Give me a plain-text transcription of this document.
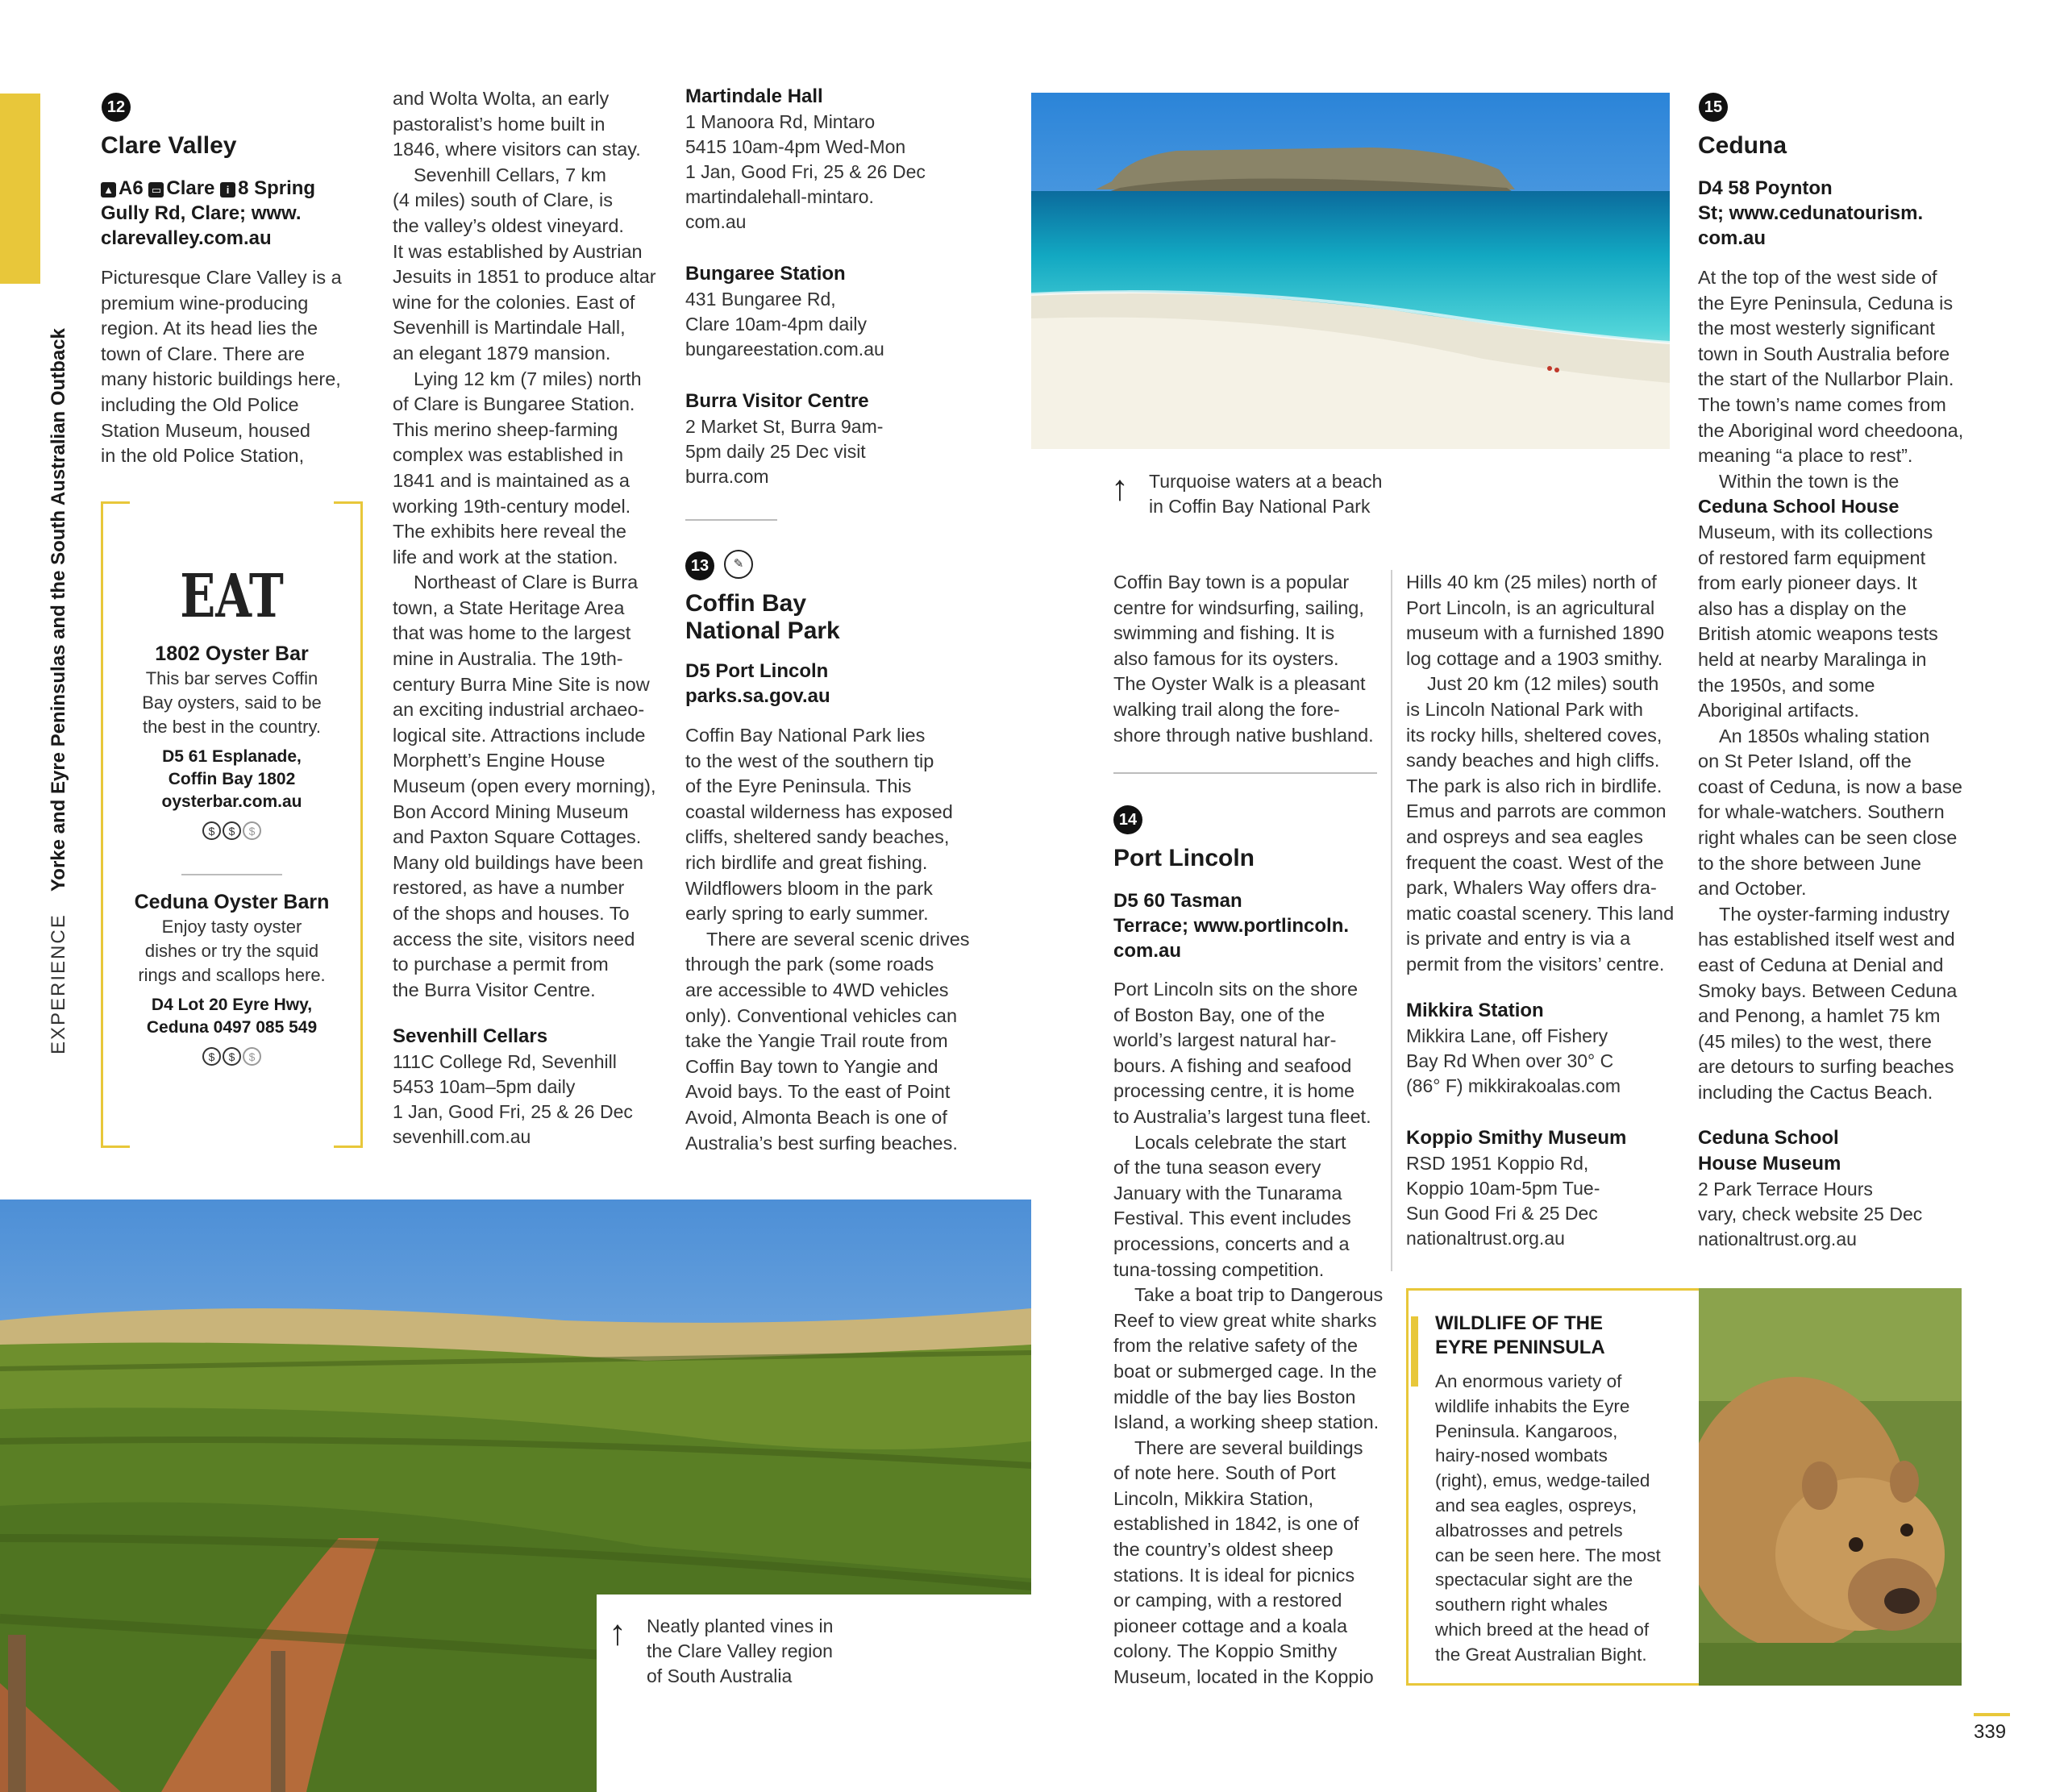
EXPERIENCE  Yorke and Eyre Peninsulas and the South Australian Outback
12
Clare Valley
▲ A6 ▭ Clare i 8 Spring
Gully Rd, Clare; www.
clarevalley.com.au
Picturesque Clare Valley is a
premium wine-producing
region. At its head lies the
town of Clare. There are
many historic buildings here,
including the Old Police
Station Museum, housed
in the old Police Station,
EAT
1802 Oyster Bar
This bar serves Coffin
Bay oysters, said to be
the best in the country.
D5 61 Esplanade,
Coffin Bay 1802
oysterbar.com.au
$ $ $
Ceduna Oyster Barn
Enjoy tasty oyster
dishes or try the squid
rings and scallops here.
D4 Lot 20 Eyre Hwy,
Ceduna 0497 085 549
$ $ $
and Wolta Wolta, an early
pastoralist’s home built in
1846, where visitors can stay.
Sevenhill Cellars, 7 km
(4 miles) south of Clare, is
the valley’s oldest vineyard.
It was established by Austrian
Jesuits in 1851 to produce altar
wine for the colonies. East of
Sevenhill is Martindale Hall,
an elegant 1879 mansion.
Lying 12 km (7 miles) north
of Clare is Bungaree Station.
This merino sheep-farming
complex was established in
1841 and is maintained as a
working 19th-century model.
The exhibits here reveal the
life and work at the station.
Northeast of Clare is Burra
town, a State Heritage Area
that was home to the largest
mine in Australia. The 19th-
century Burra Mine Site is now
an exciting industrial archaeo-
logical site. Attractions include
Morphett’s Engine House
Museum (open every morning),
Bon Accord Mining Museum
and Paxton Square Cottages.
Many old buildings have been
restored, as have a number
of the shops and houses. To
access the site, visitors need
to purchase a permit from
the Burra Visitor Centre.
Sevenhill Cellars
111C College Rd, Sevenhill
5453 10am–5pm daily
1 Jan, Good Fri, 25 & 26 Dec
sevenhill.com.au
Martindale Hall
1 Manoora Rd, Mintaro
5415 10am-4pm Wed-Mon
1 Jan, Good Fri, 25 & 26 Dec
martindalehall-mintaro.
com.au
Bungaree Station
431 Bungaree Rd,
Clare 10am-4pm daily
bungareestation.com.au
Burra Visitor Centre
2 Market St, Burra 9am-
5pm daily 25 Dec visit
burra.com
13	✎
Coffin Bay
National Park
D5 Port Lincoln
parks.sa.gov.au
Coffin Bay National Park lies
to the west of the southern tip
of the Eyre Peninsula. This
coastal wilderness has exposed
cliffs, sheltered sandy beaches,
rich birdlife and great fishing.
Wildflowers bloom in the park
early spring to early summer.
There are several scenic drives
through the park (some roads
are accessible to 4WD vehicles
only). Conventional vehicles can
take the Yangie Trail route from
Coffin Bay town to Yangie and
Avoid bays. To the east of Point
Avoid, Almonta Beach is one of
Australia’s best surfing beaches.
↑ Turquoise waters at a beach
in Coffin Bay National Park
Coffin Bay town is a popular
centre for windsurfing, sailing,
swimming and fishing. It is
also famous for its oysters.
The Oyster Walk is a pleasant
walking trail along the fore-
shore through native bushland.
14
Port Lincoln
D5 60 Tasman
Terrace; www.portlincoln.
com.au
Port Lincoln sits on the shore
of Boston Bay, one of the
world’s largest natural har-
bours. A fishing and seafood
processing centre, it is home
to Australia’s largest tuna fleet.
Locals celebrate the start
of the tuna season every
January with the Tunarama
Festival. This event includes
processions, concerts and a
tuna-tossing competition.
Take a boat trip to Dangerous
Reef to view great white sharks
from the relative safety of the
boat or submerged cage. In the
middle of the bay lies Boston
Island, a working sheep station.
There are several buildings
of note here. South of Port
Lincoln, Mikkira Station,
established in 1842, is one of
the country’s oldest sheep
stations. It is ideal for picnics
or camping, with a restored
pioneer cottage and a koala
colony. The Koppio Smithy
Museum, located in the Koppio
Hills 40 km (25 miles) north of
Port Lincoln, is an agricultural
museum with a furnished 1890
log cottage and a 1903 smithy.
Just 20 km (12 miles) south
is Lincoln National Park with
its rocky hills, sheltered coves,
sandy beaches and high cliffs.
The park is also rich in birdlife.
Emus and parrots are common
and ospreys and sea eagles
frequent the coast. West of the
park, Whalers Way offers dra-
matic coastal scenery. This land
is private and entry is via a
permit from the visitors’ centre.
Mikkira Station
Mikkira Lane, off Fishery
Bay Rd When over 30° C
(86° F) mikkirakoalas.com
Koppio Smithy Museum
RSD 1951 Koppio Rd,
Koppio 10am-5pm Tue-
Sun Good Fri & 25 Dec
nationaltrust.org.au
15
Ceduna
D4 58 Poynton
St; www.cedunatourism.
com.au
At the top of the west side of
the Eyre Peninsula, Ceduna is
the most westerly significant
town in South Australia before
the start of the Nullarbor Plain.
The town’s name comes from
the Aboriginal word cheedoona,
meaning “a place to rest”.
Within the town is the
Ceduna School House
Museum, with its collections
of restored farm equipment
from early pioneer days. It
also has a display on the
British atomic weapons tests
held at nearby Maralinga in
the 1950s, and some
Aboriginal artifacts.
An 1850s whaling station
on St Peter Island, off the
coast of Ceduna, is now a base
for whale-watchers. Southern
right whales can be seen close
to the shore between June
and October.
The oyster-farming industry
has established itself west and
east of Ceduna at Denial and
Smoky bays. Between Ceduna
and Penong, a hamlet 75 km
(45 miles) to the west, there
are detours to surfing beaches
including the Cactus Beach.
Ceduna School
House Museum
2 Park Terrace Hours
vary, check website 25 Dec
nationaltrust.org.au
WILDLIFE OF THE
EYRE PENINSULA
An enormous variety of
wildlife inhabits the Eyre
Peninsula. Kangaroos,
hairy-nosed wombats
(right), emus, wedge-tailed
and sea eagles, ospreys,
albatrosses and petrels
can be seen here. The most
spectacular sight are the
southern right whales
which breed at the head of
the Great Australian Bight.
↑ Neatly planted vines in
the Clare Valley region
of South Australia
339
